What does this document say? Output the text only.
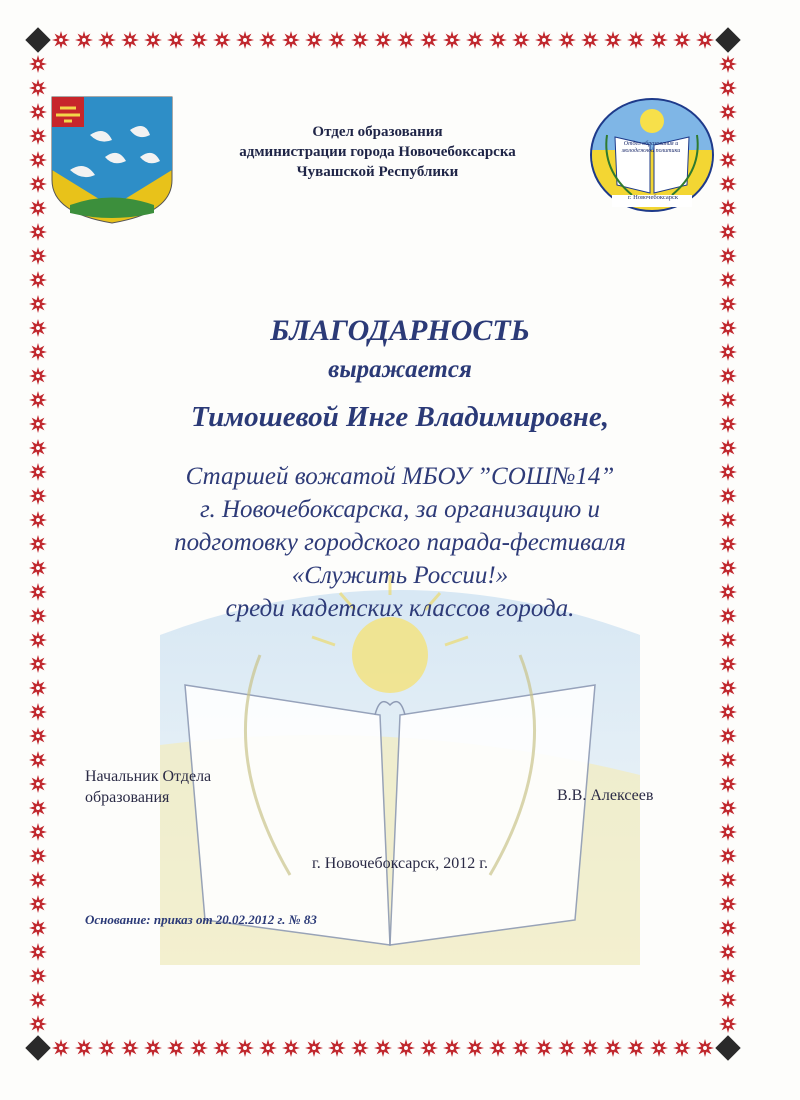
Отдел образования и молодежной политики
г. Новочебоксарск
Отдел образования
администрации города Новочебоксарска
Чувашской Республики
БЛАГОДАРНОСТЬ
выражается
Тимошевой Инге Владимировне,
Старшей вожатой МБОУ ”СОШ№14”
г. Новочебоксарска, за организацию и
подготовку городского парада-фестиваля
«Служить России!»
среди кадетских классов города.
Начальник Отдела
образования	В.В. Алексеев
г. Новочебоксарск, 2012 г.
Основание: приказ от 20.02.2012 г. № 83
